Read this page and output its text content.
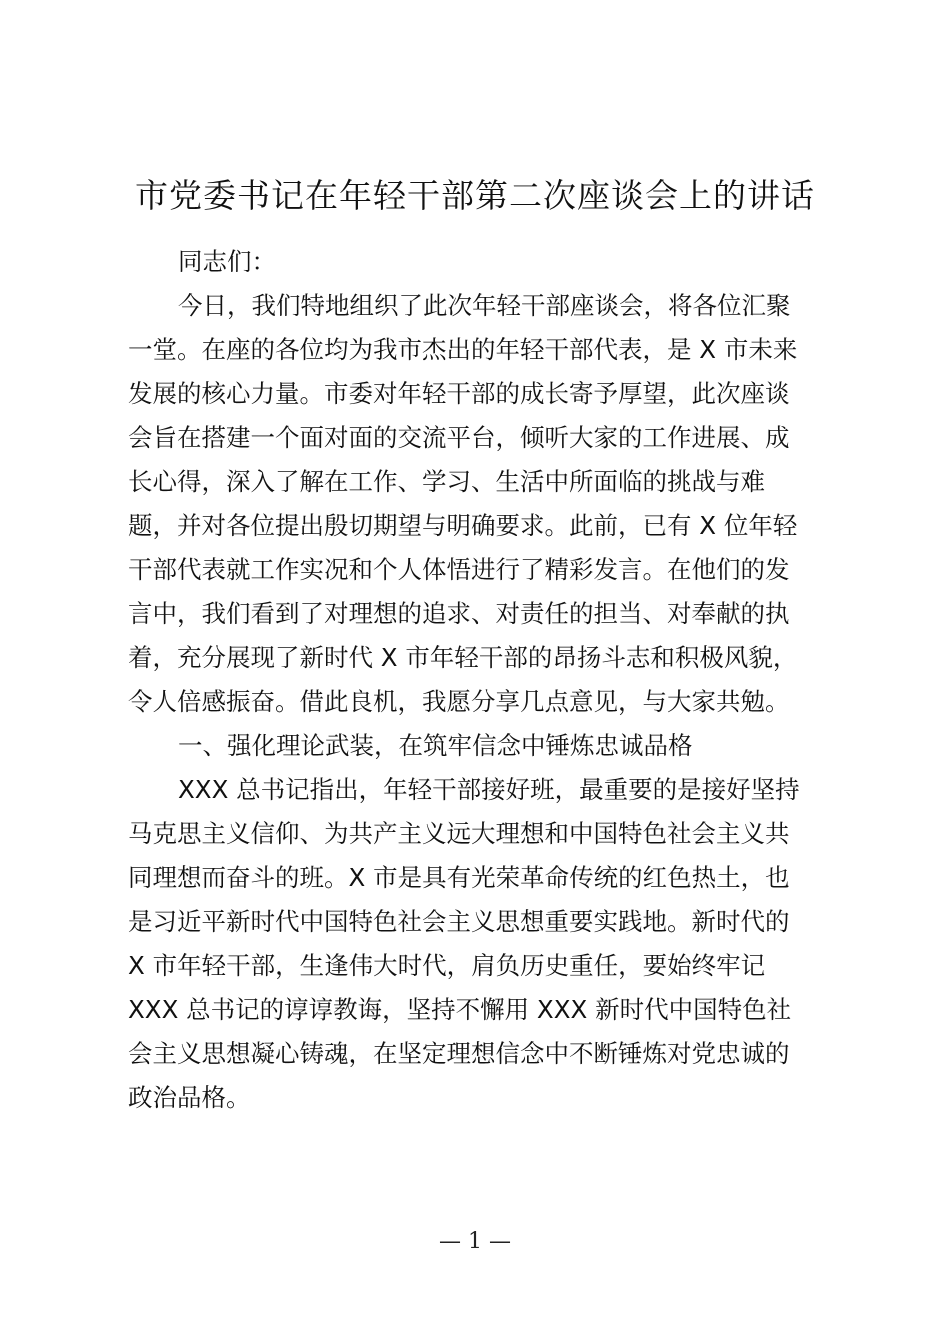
市党委书记在年轻干部第二次座谈会上的讲话
同志们：
今日，我们特地组织了此次年轻干部座谈会，将各位汇聚
一堂。在座的各位均为我市杰出的年轻干部代表，是 X 市未来
发展的核心力量。市委对年轻干部的成长寄予厚望，此次座谈
会旨在搭建一个面对面的交流平台，倾听大家的工作进展、成
长心得，深入了解在工作、学习、生活中所面临的挑战与难
题，并对各位提出殷切期望与明确要求。此前，已有 X 位年轻
干部代表就工作实况和个人体悟进行了精彩发言。在他们的发
言中，我们看到了对理想的追求、对责任的担当、对奉献的执
着，充分展现了新时代 X 市年轻干部的昂扬斗志和积极风貌，
令人倍感振奋。借此良机，我愿分享几点意见，与大家共勉。
一、强化理论武装，在筑牢信念中锤炼忠诚品格
XXX 总书记指出，年轻干部接好班，最重要的是接好坚持
马克思主义信仰、为共产主义远大理想和中国特色社会主义共
同理想而奋斗的班。X 市是具有光荣革命传统的红色热土，也
是习近平新时代中国特色社会主义思想重要实践地。新时代的
X 市年轻干部，生逢伟大时代，肩负历史重任，要始终牢记
XXX 总书记的谆谆教诲，坚持不懈用 XXX 新时代中国特色社
会主义思想凝心铸魂，在坚定理想信念中不断锤炼对党忠诚的
政治品格。
— 1 —
